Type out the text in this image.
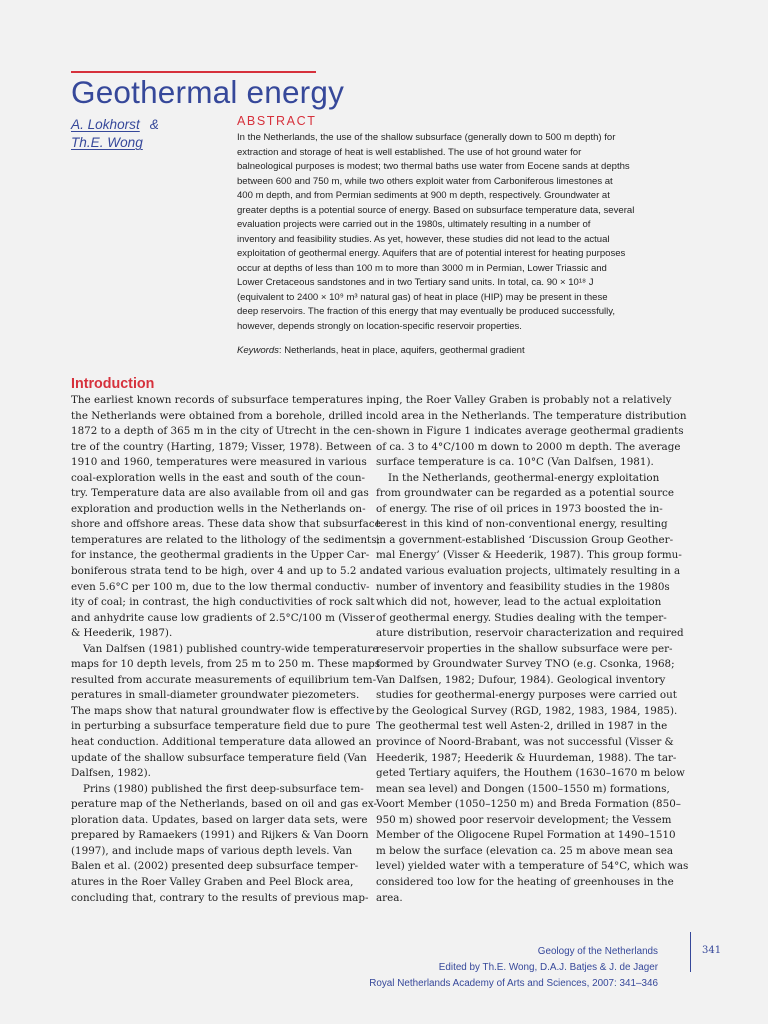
Geothermal energy
A. Lokhorst &
Th.E. Wong
ABSTRACT
In the Netherlands, the use of the shallow subsurface (generally down to 500 m depth) for
extraction and storage of heat is well established. The use of hot ground water for
balneological purposes is modest; two thermal baths use water from Eocene sands at depths
between 600 and 750 m, while two others exploit water from Carboniferous limestones at
400 m depth, and from Permian sediments at 900 m depth, respectively. Groundwater at
greater depths is a potential source of energy. Based on subsurface temperature data, several
evaluation projects were carried out in the 1980s, ultimately resulting in a number of
inventory and feasibility studies. As yet, however, these studies did not lead to the actual
exploitation of geothermal energy. Aquifers that are of potential interest for heating purposes
occur at depths of less than 100 m to more than 3000 m in Permian, Lower Triassic and
Lower Cretaceous sandstones and in two Tertiary sand units. In total, ca. 90 × 10¹⁸ J
(equivalent to 2400 × 10⁹ m³ natural gas) of heat in place (HIP) may be present in these
deep reservoirs. The fraction of this energy that may eventually be produced successfully,
however, depends strongly on location-specific reservoir properties.
Keywords: Netherlands, heat in place, aquifers, geothermal gradient
Introduction
The earliest known records of subsurface temperatures in
the Netherlands were obtained from a borehole, drilled in
1872 to a depth of 365 m in the city of Utrecht in the cen-
tre of the country (Harting, 1879; Visser, 1978). Between
1910 and 1960, temperatures were measured in various
coal-exploration wells in the east and south of the coun-
try. Temperature data are also available from oil and gas
exploration and production wells in the Netherlands on-
shore and offshore areas. These data show that subsurface
temperatures are related to the lithology of the sediments;
for instance, the geothermal gradients in the Upper Car-
boniferous strata tend to be high, over 4 and up to 5.2 and
even 5.6°C per 100 m, due to the low thermal conductiv-
ity of coal; in contrast, the high conductivities of rock salt
and anhydrite cause low gradients of 2.5°C/100 m (Visser
& Heederik, 1987).
Van Dalfsen (1981) published country-wide temperature
maps for 10 depth levels, from 25 m to 250 m. These maps
resulted from accurate measurements of equilibrium tem-
peratures in small-diameter groundwater piezometers.
The maps show that natural groundwater flow is effective
in perturbing a subsurface temperature field due to pure
heat conduction. Additional temperature data allowed an
update of the shallow subsurface temperature field (Van
Dalfsen, 1982).
Prins (1980) published the first deep-subsurface tem-
perature map of the Netherlands, based on oil and gas ex-
ploration data. Updates, based on larger data sets, were
prepared by Ramaekers (1991) and Rijkers & Van Doorn
(1997), and include maps of various depth levels. Van
Balen et al. (2002) presented deep subsurface temper-
atures in the Roer Valley Graben and Peel Block area,
concluding that, contrary to the results of previous map-
ping, the Roer Valley Graben is probably not a relatively
cold area in the Netherlands. The temperature distribution
shown in Figure 1 indicates average geothermal gradients
of ca. 3 to 4°C/100 m down to 2000 m depth. The average
surface temperature is ca. 10°C (Van Dalfsen, 1981).
In the Netherlands, geothermal-energy exploitation
from groundwater can be regarded as a potential source
of energy. The rise of oil prices in 1973 boosted the in-
terest in this kind of non-conventional energy, resulting
in a government-established ‘Discussion Group Geother-
mal Energy’ (Visser & Heederik, 1987). This group formu-
lated various evaluation projects, ultimately resulting in a
number of inventory and feasibility studies in the 1980s
which did not, however, lead to the actual exploitation
of geothermal energy. Studies dealing with the temper-
ature distribution, reservoir characterization and required
reservoir properties in the shallow subsurface were per-
formed by Groundwater Survey TNO (e.g. Csonka, 1968;
Van Dalfsen, 1982; Dufour, 1984). Geological inventory
studies for geothermal-energy purposes were carried out
by the Geological Survey (RGD, 1982, 1983, 1984, 1985).
The geothermal test well Asten-2, drilled in 1987 in the
province of Noord-Brabant, was not successful (Visser &
Heederik, 1987; Heederik & Huurdeman, 1988). The tar-
geted Tertiary aquifers, the Houthem (1630–1670 m below
mean sea level) and Dongen (1500–1550 m) formations,
Voort Member (1050–1250 m) and Breda Formation (850–
950 m) showed poor reservoir development; the Vessem
Member of the Oligocene Rupel Formation at 1490–1510
m below the surface (elevation ca. 25 m above mean sea
level) yielded water with a temperature of 54°C, which was
considered too low for the heating of greenhouses in the
area.
Geology of the Netherlands
Edited by Th.E. Wong, D.A.J. Batjes & J. de Jager
Royal Netherlands Academy of Arts and Sciences, 2007: 341–346
341
